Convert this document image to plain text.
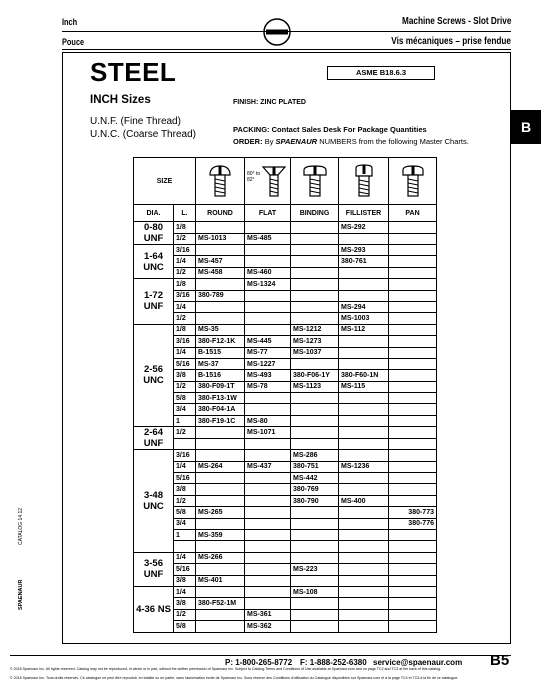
Inch
Pouce
Machine Screws - Slot Drive
Vis mécaniques – prise fendue
B
STEEL	ASME B18.6.3
INCH Sizes	FINISH: ZINC PLATED
U.N.F. (Fine Thread)
U.N.C. (Coarse Thread)	PACKING: Contact Sales Desk For Package Quantities
ORDER: By SPAENAUR NUMBERS from the following Master Charts.
SIZE			80° to 82°

DIA.	L.	ROUND	FLAT	BINDING	FILLISTER	PAN
0-80 UNF	1/8				MS-292	
	1/2	MS-1013	MS-485			
1-64 UNC	3/16				MS-293	
	1/4	MS-457			380-761	
	1/2	MS-458	MS-460			
1-72 UNF	1/8		MS-1324			
	3/16	380-789				
	1/4				MS-294	
	1/2				MS-1003	
2-56 UNC	1/8	MS-35		MS-1212	MS-112	
	3/16	380-F12-1K	MS-445	MS-1273		
	1/4	B-1515	MS-77	MS-1037		
	5/16	MS-37	MS-1227			
	3/8	B-1516	MS-493	380-F06-1Y	380-F60-1N	
	1/2	380-F09-1T	MS-78	MS-1123	MS-115	
	5/8	380-F13-1W				
	3/4	380-F04-1A				
	1	380-F19-1C	MS-80			
2-64 UNF	1/2		MS-1071			

3-48 UNC	3/16			MS-286		
	1/4	MS-264	MS-437	380-751	MS-1236	
	5/16			MS-442		
	3/8			380-769		
	1/2			380-790	MS-400	
	5/8	MS-265				380-773
	3/4					380-776
	1	MS-359				

3-56 UNF	1/4	MS-266				
	5/16			MS-223		
	3/8	MS-401				
4-36 NS	1/4			MS-108		
	3/8	380-F52-1M				
	1/2		MS-361			
	5/8		MS-362			
CATALOG 14.12
SPAENAUR
P: 1-800-265-8772 F: 1-888-252-6380 service@spaenaur.com B5
© 2018 Spaenaur Inc. All rights reserved. Catalog may not be reproduced, in whole or in part, without the written permission of Spaenaur Inc. Subject to Catalog Terms and Conditions of Use available at Spaenaur.com and on page TC2 and TC3 at the back of this catalog.
© 2018 Spaenaur Inc. Tous droits réservés. Ce catalogue ne peut être reproduit, en totalité ou en partie, sans l'autorisation écrite de Spaenaur Inc. Sous réserve des Conditions d'utilisation du Catalogue disponibles sur Spaenaur.com et à la page TC4 et TC5 à la fin de ce catalogue.
